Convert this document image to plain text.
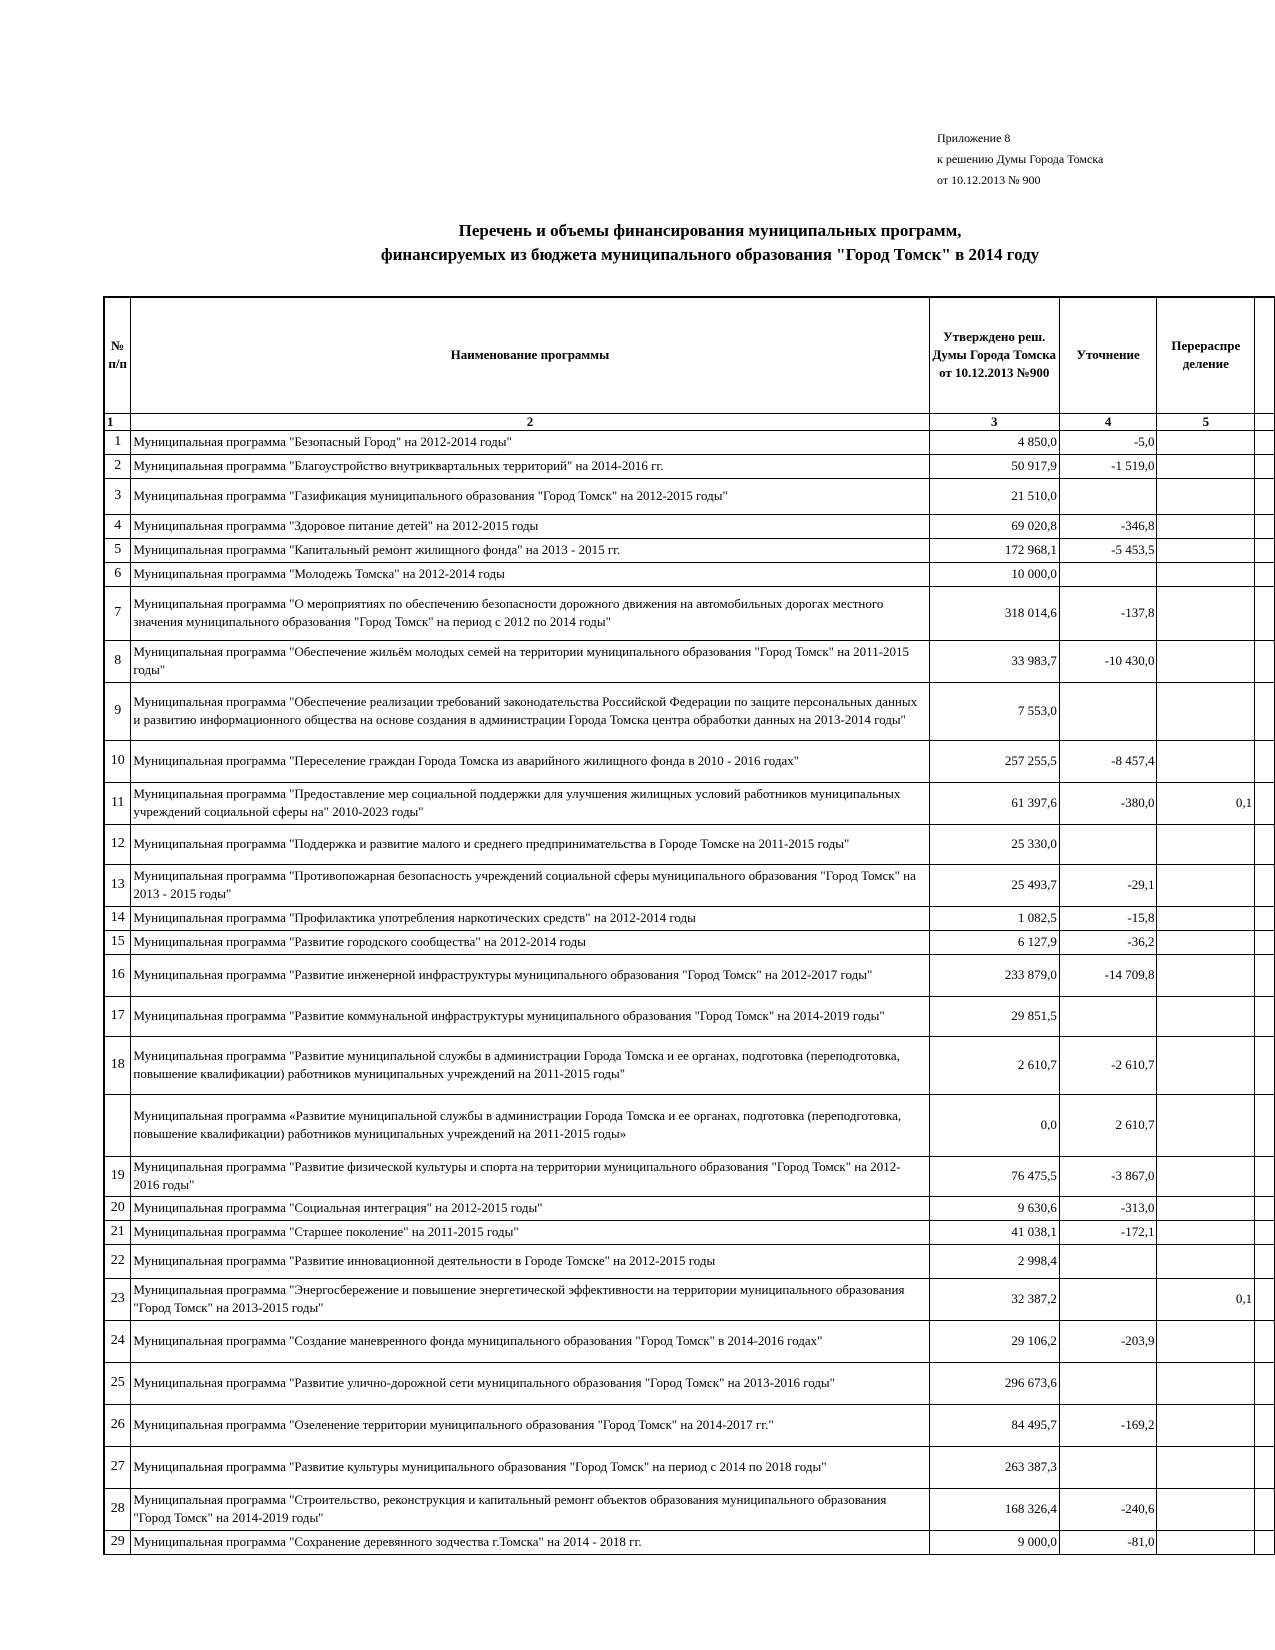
Приложение 8
к решению Думы Города Томска
от 10.12.2013 № 900
Перечень и объемы финансирования муниципальных программ,
финансируемых из бюджета муниципального образования "Город Томск" в 2014 году
№ п/п	Наименование программы	Утверждено реш. Думы Города Томска от 10.12.2013 №900	Уточнение	Перераспре деление	
1	2	3	4	5	
1	Муниципальная программа "Безопасный Город" на 2012-2014 годы"	4 850,0	-5,0		
2	Муниципальная программа "Благоустройство внутриквартальных территорий" на 2014-2016 гг.	50 917,9	-1 519,0		
3	Муниципальная программа "Газификация муниципального образования "Город Томск" на 2012-2015 годы"	21 510,0			
4	Муниципальная программа "Здоровое питание детей" на 2012-2015 годы	69 020,8	-346,8		
5	Муниципальная программа "Капитальный ремонт жилищного фонда" на 2013 - 2015 гг.	172 968,1	-5 453,5		
6	Муниципальная программа "Молодежь Томска" на 2012-2014 годы	10 000,0			
7	Муниципальная программа "О мероприятиях по обеспечению безопасности дорожного движения на автомобильных дорогах местного значения муниципального образования "Город Томск" на период с 2012 по 2014 годы"	318 014,6	-137,8		
8	Муниципальная программа "Обеспечение жильём молодых семей на территории муниципального образования "Город Томск" на 2011-2015 годы"	33 983,7	-10 430,0		
9	Муниципальная программа "Обеспечение реализации требований законодательства Российской Федерации по защите персональных данных и развитию информационного общества на основе создания в администрации Города Томска центра обработки данных на 2013-2014 годы"	7 553,0			
10	Муниципальная программа "Переселение граждан Города Томска из аварийного жилищного фонда в 2010 - 2016 годах"	257 255,5	-8 457,4		
11	Муниципальная программа "Предоставление мер социальной поддержки для улучшения жилищных условий работников муниципальных учреждений социальной сферы на" 2010-2023 годы"	61 397,6	-380,0	0,1	
12	Муниципальная программа "Поддержка и развитие малого и среднего предпринимательства в Городе Томске на 2011-2015 годы"	25 330,0			
13	Муниципальная программа "Противопожарная безопасность учреждений социальной сферы муниципального образования "Город Томск" на 2013 - 2015 годы"	25 493,7	-29,1		
14	Муниципальная программа "Профилактика употребления наркотических средств" на 2012-2014 годы	1 082,5	-15,8		
15	Муниципальная программа "Развитие городского сообщества" на 2012-2014 годы	6 127,9	-36,2		
16	Муниципальная программа "Развитие инженерной инфраструктуры муниципального образования "Город Томск" на 2012-2017 годы"	233 879,0	-14 709,8		
17	Муниципальная программа "Развитие коммунальной инфраструктуры муниципального образования "Город Томск" на 2014-2019 годы"	29 851,5			
18	Муниципальная программа "Развитие муниципальной службы в администрации Города Томска и ее органах, подготовка (переподготовка, повышение квалификации) работников муниципальных учреждений на 2011-2015 годы"	2 610,7	-2 610,7		
	Муниципальная программа «Развитие муниципальной службы в администрации Города Томска и ее органах, подготовка (переподготовка, повышение квалификации) работников муниципальных учреждений на 2011-2015 годы»	0,0	2 610,7		
19	Муниципальная программа "Развитие физической культуры и спорта на территории муниципального образования "Город Томск" на 2012-2016 годы"	76 475,5	-3 867,0		
20	Муниципальная программа "Социальная интеграция" на 2012-2015 годы"	9 630,6	-313,0		
21	Муниципальная программа "Старшее поколение" на 2011-2015 годы"	41 038,1	-172,1		
22	Муниципальная программа "Развитие инновационной деятельности в Городе Томске" на 2012-2015 годы	2 998,4			
23	Муниципальная программа "Энергосбережение и повышение энергетической эффективности на территории муниципального образования "Город Томск" на 2013-2015 годы"	32 387,2		0,1	
24	Муниципальная программа "Создание маневренного фонда муниципального образования "Город Томск" в 2014-2016 годах"	29 106,2	-203,9		
25	Муниципальная программа "Развитие улично-дорожной сети муниципального образования "Город Томск" на 2013-2016 годы"	296 673,6			
26	Муниципальная программа "Озеленение территории муниципального образования "Город Томск" на 2014-2017 гг."	84 495,7	-169,2		
27	Муниципальная программа "Развитие культуры муниципального образования "Город Томск" на период с 2014 по 2018 годы"	263 387,3			
28	Муниципальная программа "Строительство, реконструкция и капитальный ремонт объектов образования муниципального образования "Город Томск" на 2014-2019 годы"	168 326,4	-240,6		
29	Муниципальная программа "Сохранение деревянного зодчества г.Томска" на 2014 - 2018 гг.	9 000,0	-81,0		
